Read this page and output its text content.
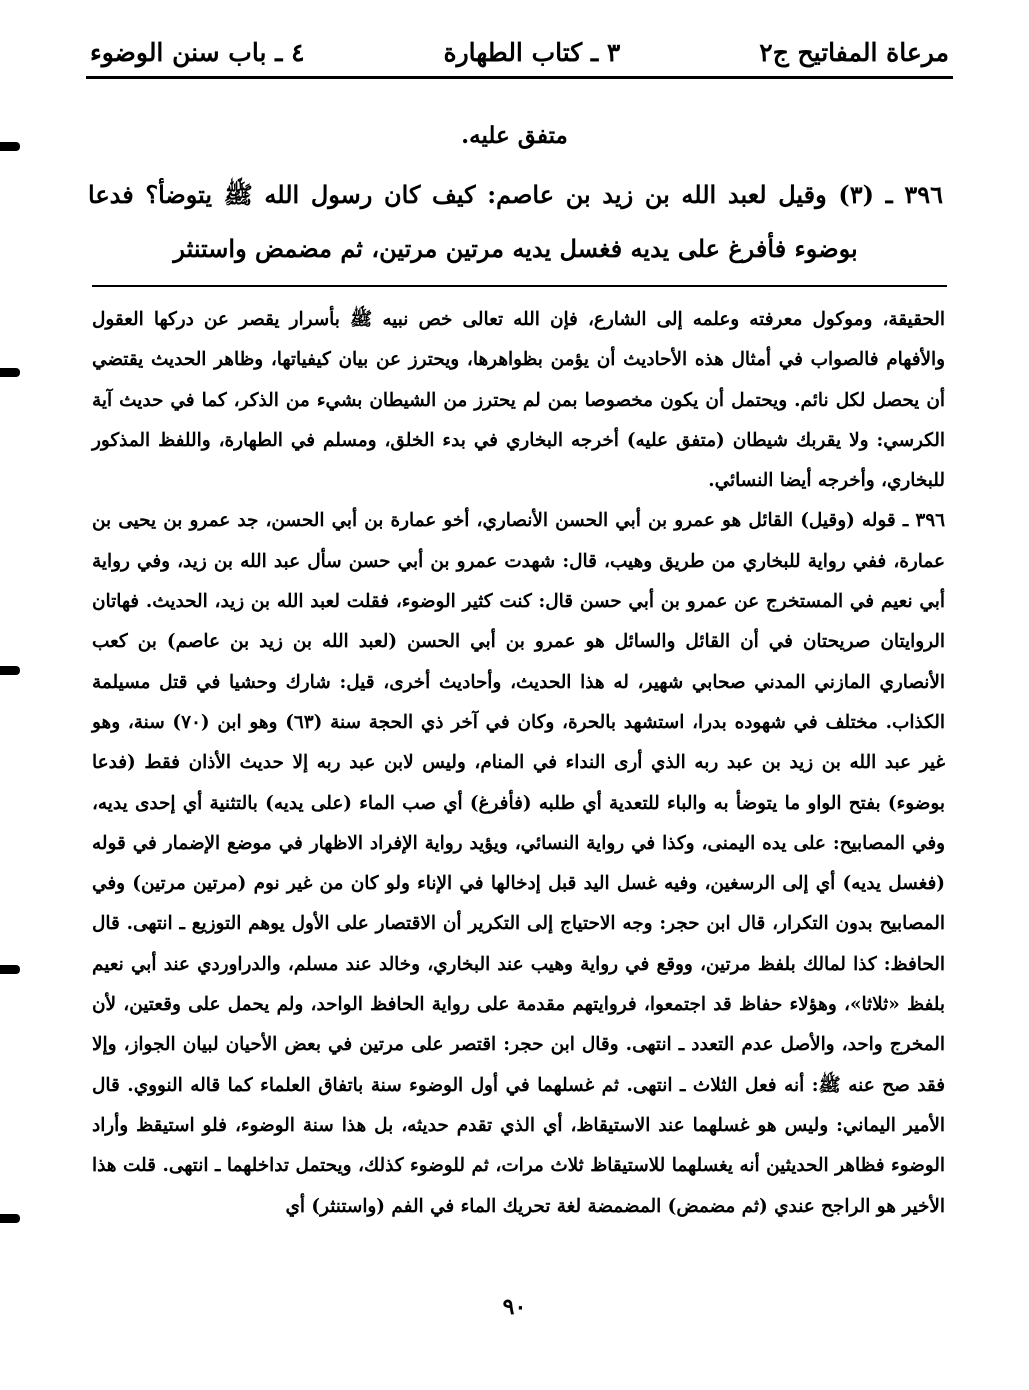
مرعاة المفاتيح ج٢
٣ ـ كتاب الطهارة
٤ ـ باب سنن الوضوء
متفق عليه.
٣٩٦ ـ (٣) وقيل لعبد الله بن زيد بن عاصم: كيف كان رسول الله ﷺ يتوضأ؟ فدعا بوضوء فأفرغ على يديه فغسل يديه مرتين مرتين، ثم مضمض واستنثر

الحقيقة، وموكول معرفته وعلمه إلى الشارع، فإن الله تعالى خص نبيه ﷺ بأسرار يقصر عن دركها العقول والأفهام فالصواب في أمثال هذه الأحاديث أن يؤمن بظواهرها، ويحترز عن بيان كيفياتها، وظاهر الحديث يقتضي أن يحصل لكل نائم. ويحتمل أن يكون مخصوصا بمن لم يحترز من الشيطان بشيء من الذكر، كما في حديث آية الكرسي: ولا يقربك شيطان (متفق عليه) أخرجه البخاري في بدء الخلق، ومسلم في الطهارة، واللفظ المذكور للبخاري، وأخرجه أيضا النسائي.

٣٩٦ ـ قوله (وقيل) القائل هو عمرو بن أبي الحسن الأنصاري، أخو عمارة بن أبي الحسن، جد عمرو بن يحيى بن عمارة، ففي رواية للبخاري من طريق وهيب، قال: شهدت عمرو بن أبي حسن سأل عبد الله بن زيد، وفي رواية أبي نعيم في المستخرج عن عمرو بن أبي حسن قال: كنت كثير الوضوء، فقلت لعبد الله بن زيد، الحديث. فهاتان الروايتان صريحتان في أن القائل والسائل هو عمرو بن أبي الحسن (لعبد الله بن زيد بن عاصم) بن كعب الأنصاري المازني المدني صحابي شهير، له هذا الحديث، وأحاديث أخرى، قيل: شارك وحشيا في قتل مسيلمة الكذاب. مختلف في شهوده بدرا، استشهد بالحرة، وكان في آخر ذي الحجة سنة (٦٣) وهو ابن (٧٠) سنة، وهو غير عبد الله بن زيد بن عبد ربه الذي أرى النداء في المنام، وليس لابن عبد ربه إلا حديث الأذان فقط (فدعا بوضوء) بفتح الواو ما يتوضأ به والباء للتعدية أي طلبه (فأفرغ) أي صب الماء (على يديه) بالتثنية أي إحدى يديه، وفي المصابيح: على يده اليمنى، وكذا في رواية النسائي، ويؤيد رواية الإفراد الاظهار في موضع الإضمار في قوله (فغسل يديه) أي إلى الرسغين، وفيه غسل اليد قبل إدخالها في الإناء ولو كان من غير نوم (مرتين مرتين) وفي المصابيح بدون التكرار، قال ابن حجر: وجه الاحتياج إلى التكرير أن الاقتصار على الأول يوهم التوزيع ـ انتهى. قال الحافظ: كذا لمالك بلفظ مرتين، ووقع في رواية وهيب عند البخاري، وخالد عند مسلم، والدراوردي عند أبي نعيم بلفظ «ثلاثا»، وهؤلاء حفاظ قد اجتمعوا، فروايتهم مقدمة على رواية الحافظ الواحد، ولم يحمل على وقعتين، لأن المخرج واحد، والأصل عدم التعدد ـ انتهى. وقال ابن حجر: اقتصر على مرتين في بعض الأحيان لبيان الجواز، وإلا فقد صح عنه ﷺ: أنه فعل الثلاث ـ انتهى. ثم غسلهما في أول الوضوء سنة باتفاق العلماء كما قاله النووي. قال الأمير اليماني: وليس هو غسلهما عند الاستيقاظ، أي الذي تقدم حديثه، بل هذا سنة الوضوء، فلو استيقظ وأراد الوضوء فظاهر الحديثين أنه يغسلهما للاستيقاظ ثلاث مرات، ثم للوضوء كذلك، ويحتمل تداخلهما ـ انتهى. قلت هذا الأخير هو الراجح عندي (ثم مضمض) المضمضة لغة تحريك الماء في الفم (واستنثر) أي

٩٠
